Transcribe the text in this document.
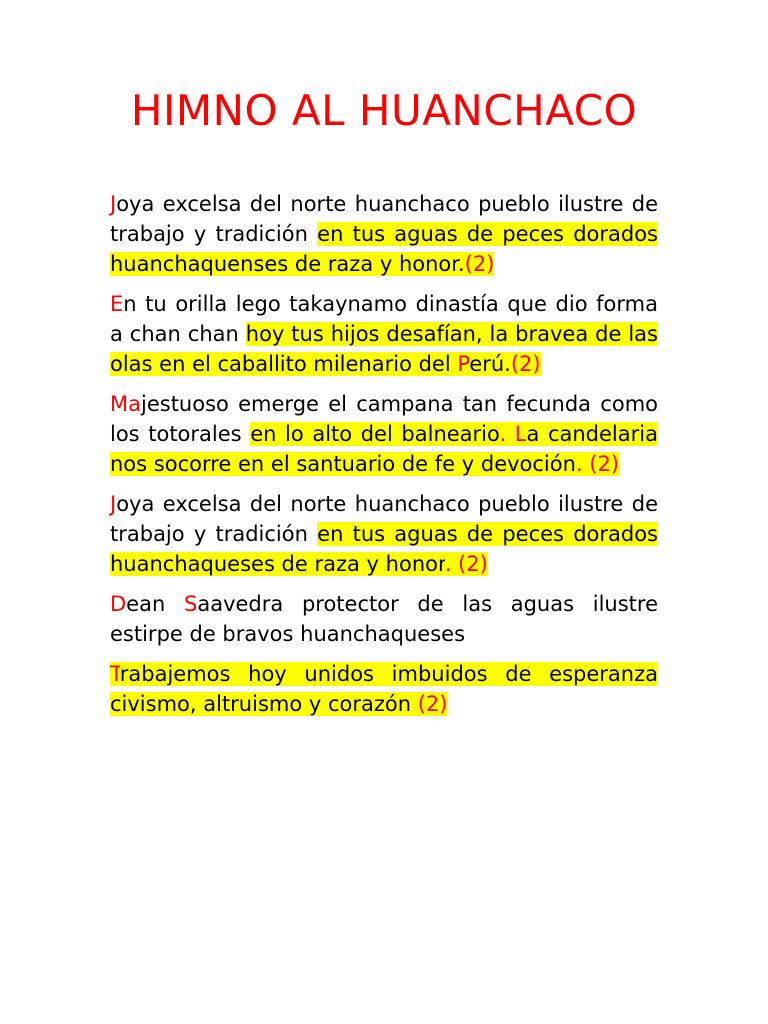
HIMNO AL HUANCHACO

Joya excelsa del norte huanchaco pueblo ilustre de trabajo y tradición en tus aguas de peces dorados huanchaquenses de raza y honor.(2)

En tu orilla lego takaynamo dinastía que dio forma a chan chan hoy tus hijos desafían, la bravea de las olas en el caballito milenario del Perú.(2)

Majestuoso emerge el campana tan fecunda como los totorales en lo alto del balneario. La candelaria nos socorre en el santuario de fe y devoción. (2)

Joya excelsa del norte huanchaco pueblo ilustre de trabajo y tradición en tus aguas de peces dorados huanchaqueses de raza y honor. (2)

Dean Saavedra protector de las aguas ilustre estirpe de bravos huanchaqueses

Trabajemos hoy unidos imbuidos de esperanza civismo, altruismo y corazón (2)
